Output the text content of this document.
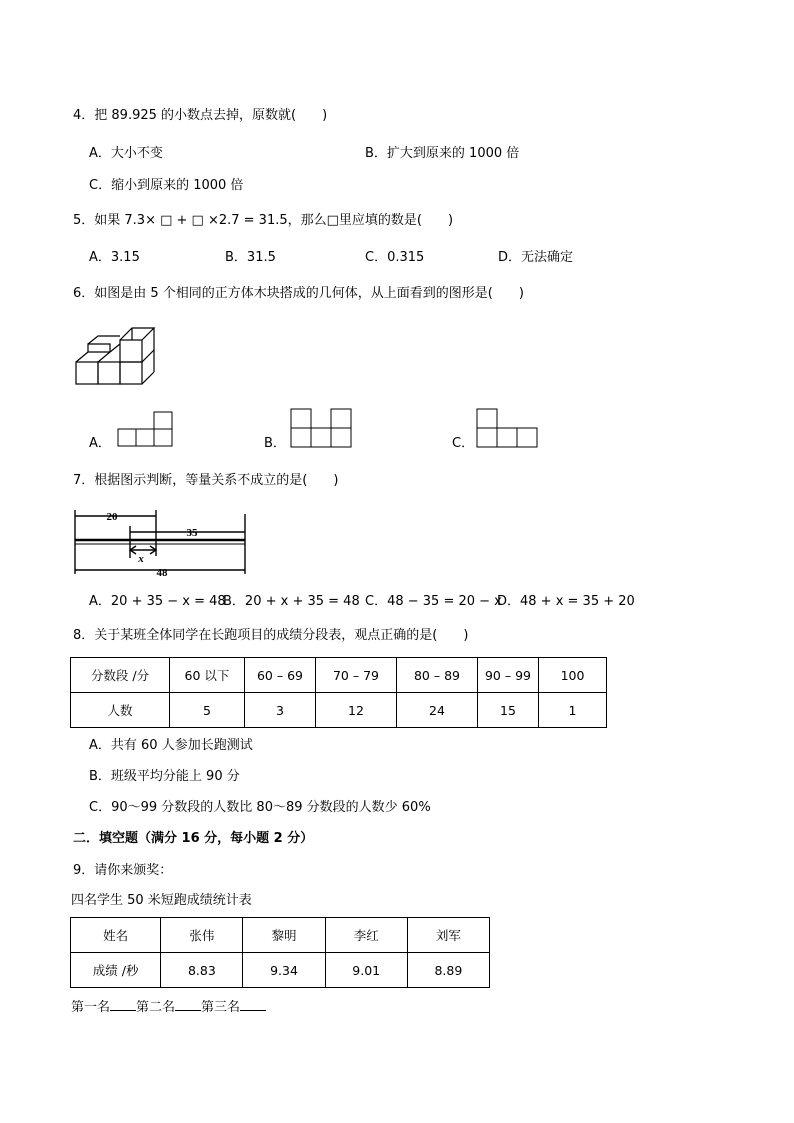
4．把 89.925 的小数点去掉，原数就(　　)
A．大小不变	B．扩大到原来的 1000 倍
C．缩小到原来的 1000 倍
5．如果 7.3× □ + □ ×2.7 = 31.5，那么□里应填的数是(　　)
A．3.15	B．31.5	C．0.315	D．无法确定
6．如图是由 5 个相同的正方体木块搭成的几何体，从上面看到的图形是(　　)
A．	B．	C．
7．根据图示判断，等量关系不成立的是(　　)
20
35
x
48
A．20 + 35 − x = 48
B．20 + x + 35 = 48 C．48 − 35 = 20 − x
D．48 + x = 35 + 20
8．关于某班全体同学在长跑项目的成绩分段表，观点正确的是(　　)
分数段 /分	60 以下	60 – 69	70 – 79	80 – 89	90 – 99	100
人数	5	3	12	24	15	1
A．共有 60 人参加长跑测试
B．班级平均分能上 90 分
C．90～99 分数段的人数比 80～89 分数段的人数少 60%
二．填空题（满分 16 分，每小题 2 分）
9．请你来颁奖：
四名学生 50 米短跑成绩统计表
姓名	张伟	黎明	李红	刘军
成绩 /秒	8.83	9.34	9.01	8.89
第一名 第二名 第三名
